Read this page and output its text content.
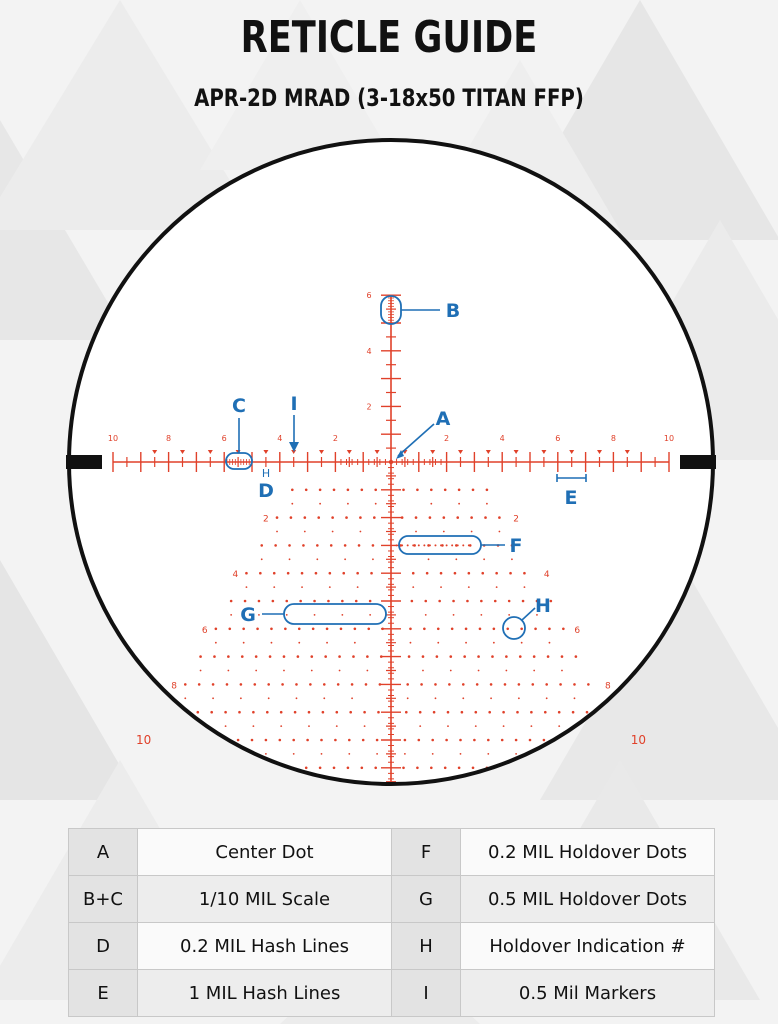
RETICLE GUIDE
APR-2D MRAD (3-18x50 TITAN FFP)
10	8	6	4	2	2	4	6	8	10
6
4
2
2	2
4	4
6	6
8	8
10	10
A
B
C
D
H
E
F
G	H
I
A	Center Dot	F	0.2 MIL Holdover Dots
B+C	1/10 MIL Scale	G	0.5 MIL Holdover Dots
D	0.2 MIL Hash Lines	H	Holdover Indication #
E	1 MIL Hash Lines	I	0.5 Mil Markers
